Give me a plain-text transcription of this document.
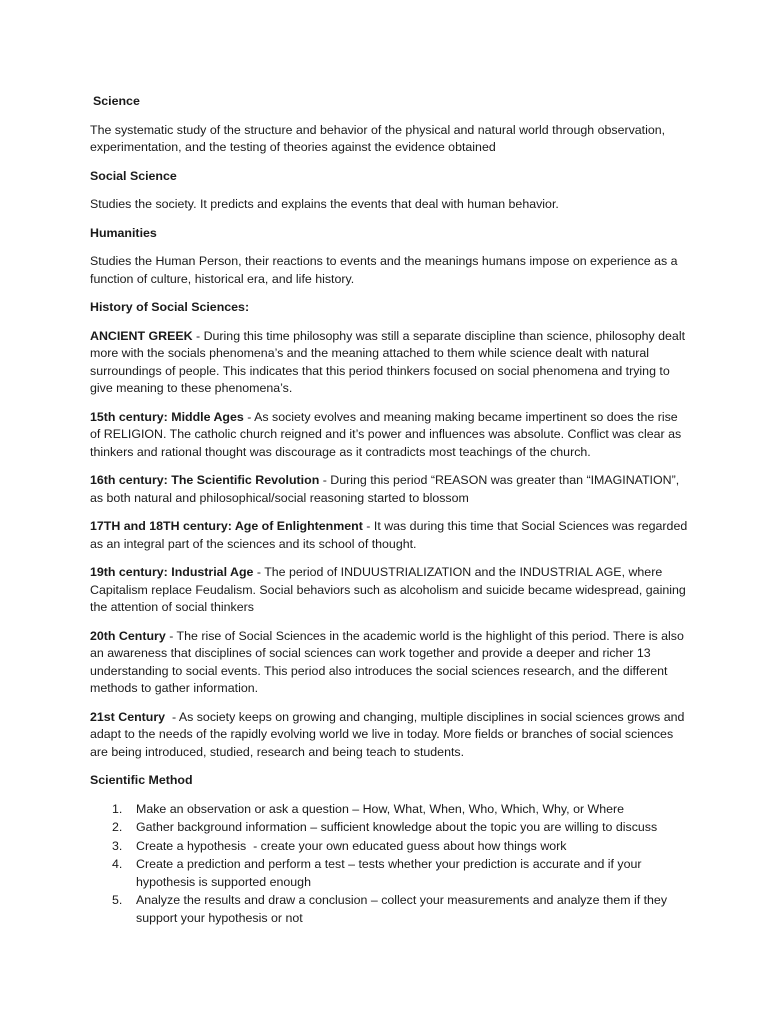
Science
The systematic study of the structure and behavior of the physical and natural world through observation, experimentation, and the testing of theories against the evidence obtained
Social Science
Studies the society. It predicts and explains the events that deal with human behavior.
Humanities
Studies the Human Person, their reactions to events and the meanings humans impose on experience as a function of culture, historical era, and life history.
History of Social Sciences:
ANCIENT GREEK - During this time philosophy was still a separate discipline than science, philosophy dealt more with the socials phenomena’s and the meaning attached to them while science dealt with natural surroundings of people. This indicates that this period thinkers focused on social phenomena and trying to give meaning to these phenomena’s.
15th century: Middle Ages - As society evolves and meaning making became impertinent so does the rise of RELIGION. The catholic church reigned and it’s power and influences was absolute. Conflict was clear as thinkers and rational thought was discourage as it contradicts most teachings of the church.
16th century: The Scientific Revolution - During this period “REASON was greater than “IMAGINATION”, as both natural and philosophical/social reasoning started to blossom
17TH and 18TH century: Age of Enlightenment - It was during this time that Social Sciences was regarded as an integral part of the sciences and its school of thought.
19th century: Industrial Age - The period of INDUUSTRIALIZATION and the INDUSTRIAL AGE, where Capitalism replace Feudalism. Social behaviors such as alcoholism and suicide became widespread, gaining the attention of social thinkers
20th Century - The rise of Social Sciences in the academic world is the highlight of this period. There is also an awareness that disciplines of social sciences can work together and provide a deeper and richer 13 understanding to social events. This period also introduces the social sciences research, and the different methods to gather information.
21st Century  - As society keeps on growing and changing, multiple disciplines in social sciences grows and adapt to the needs of the rapidly evolving world we live in today. More fields or branches of social sciences are being introduced, studied, research and being teach to students.
Scientific Method
1.	Make an observation or ask a question – How, What, When, Who, Which, Why, or Where
2.	Gather background information – sufficient knowledge about the topic you are willing to discuss
3.	Create a hypothesis  - create your own educated guess about how things work
4.	Create a prediction and perform a test – tests whether your prediction is accurate and if your hypothesis is supported enough
5.	Analyze the results and draw a conclusion – collect your measurements and analyze them if they support your hypothesis or not
